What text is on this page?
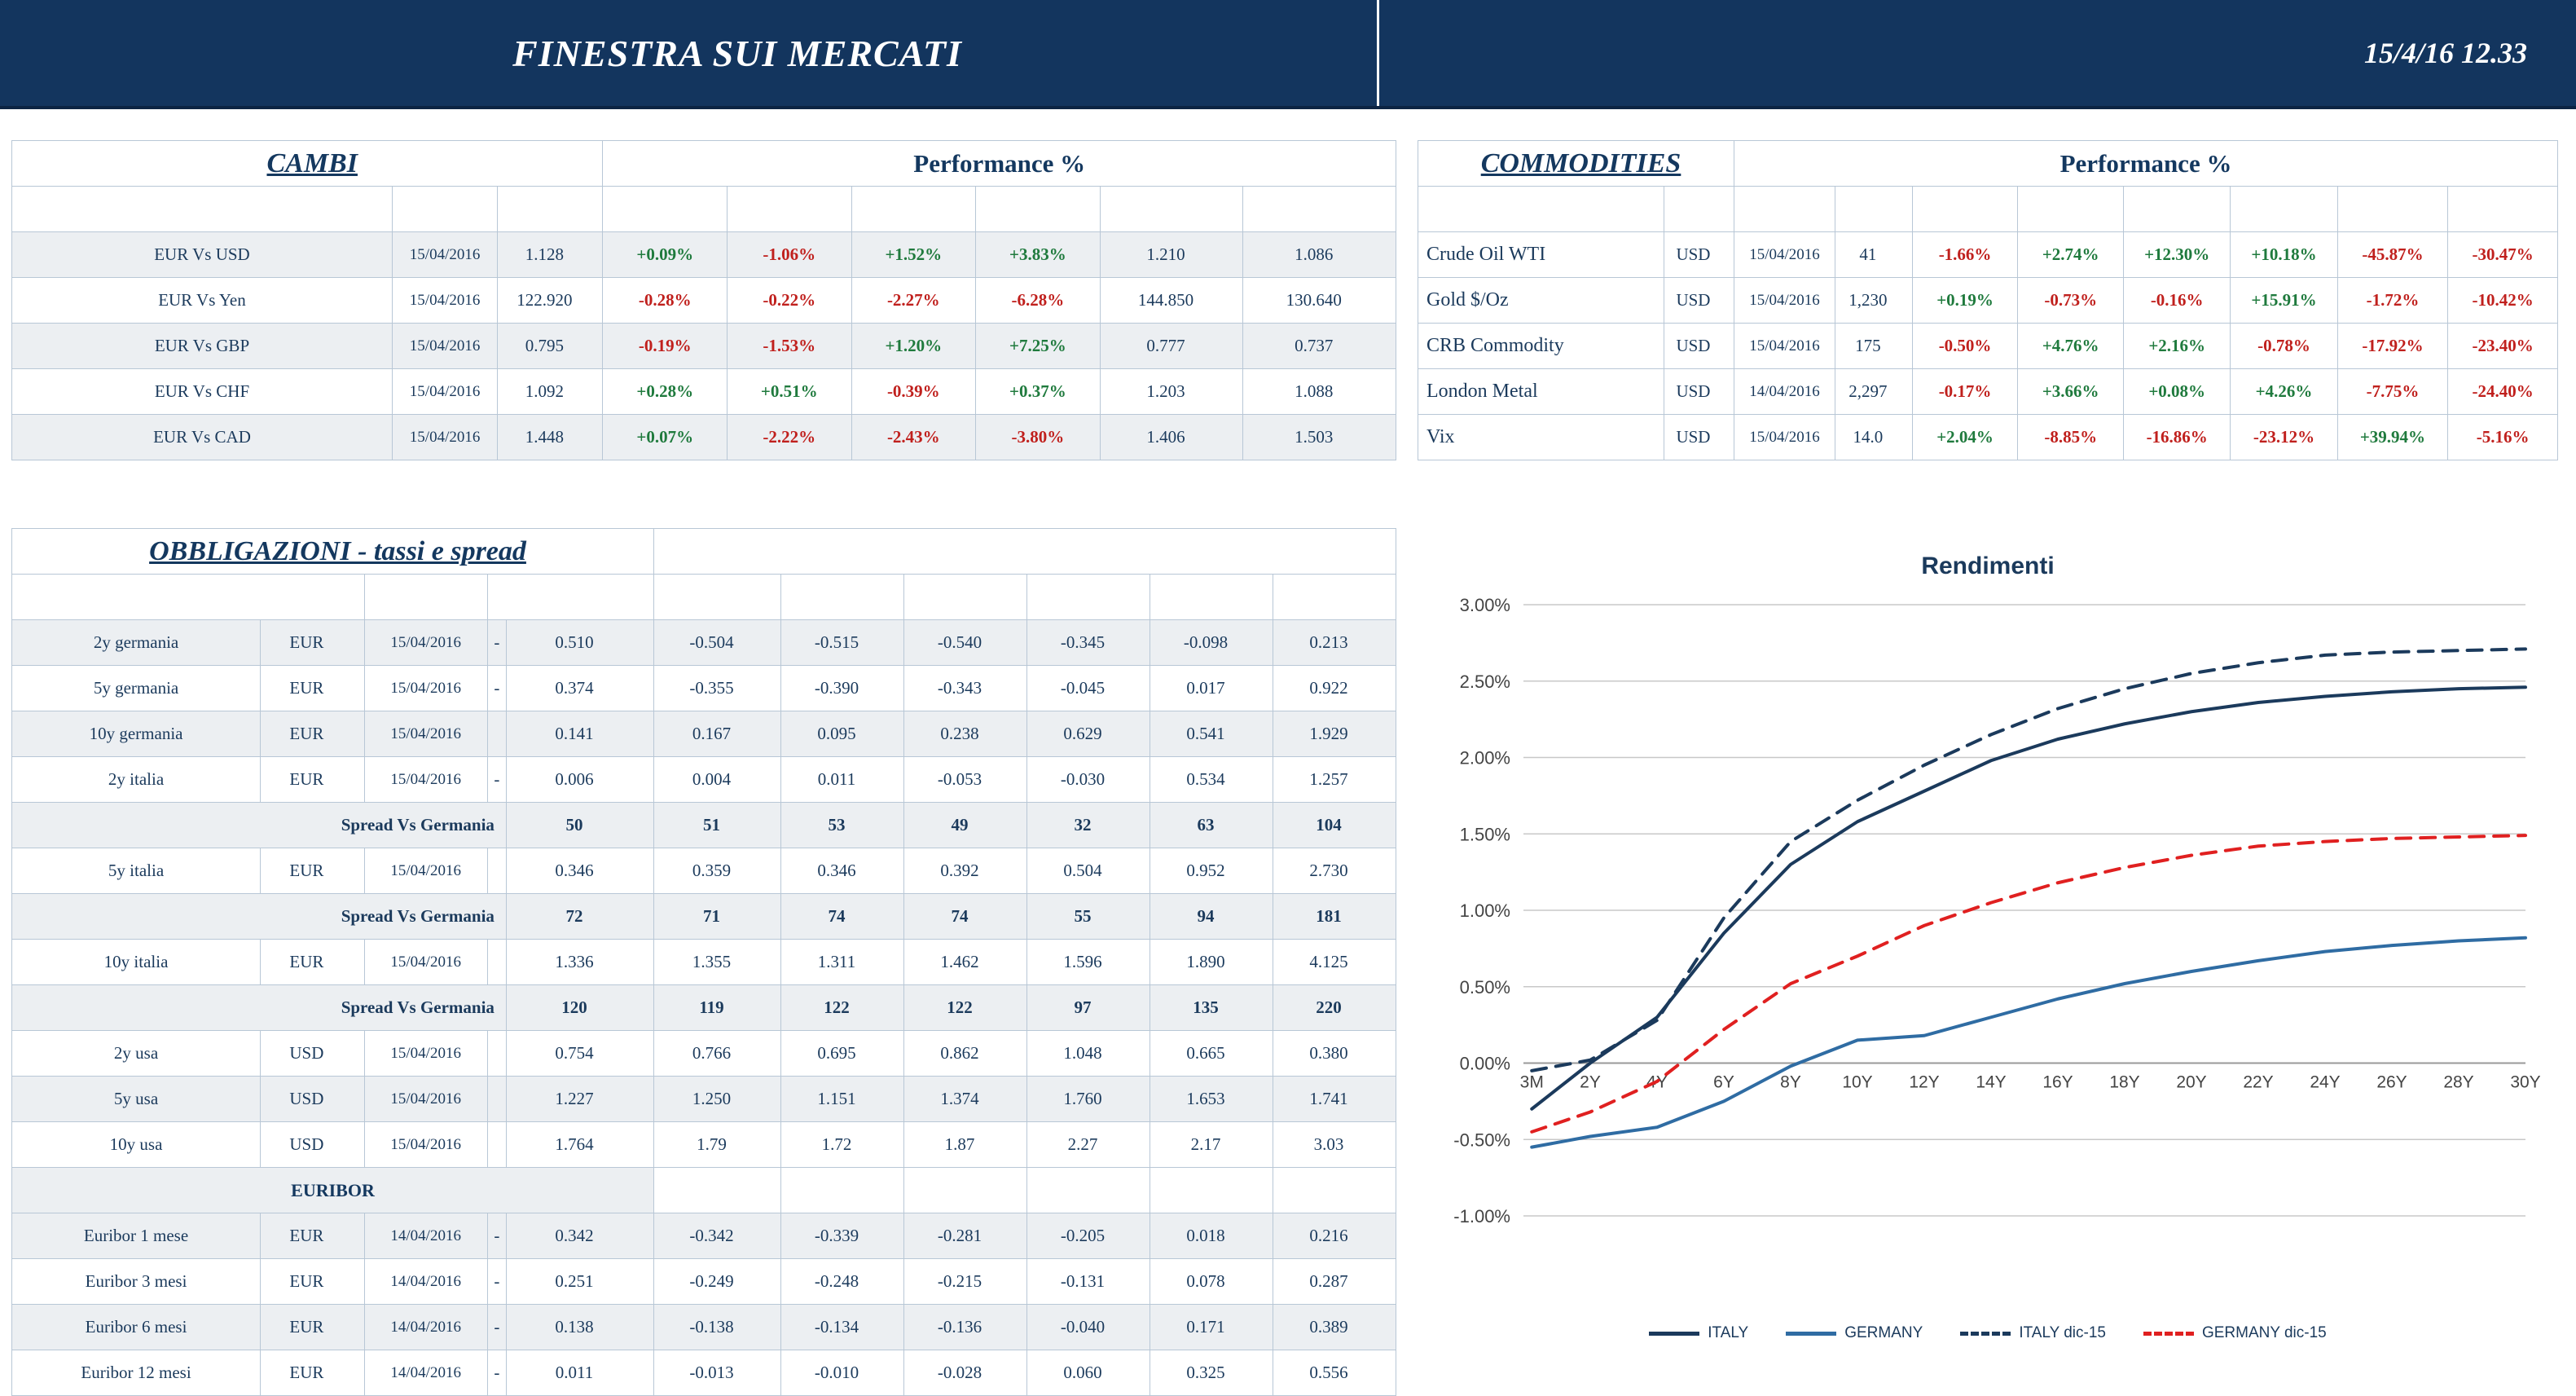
FINESTRA SUI MERCATI	15/4/16 12.33
CAMBI			Performance %					
Cambi	Date	Last	1day	5day	1 M	YTD	31/12/14 FX	31/12/15 FX
EUR Vs USD	15/04/2016	1.128	+0.09%	-1.06%	+1.52%	+3.83%	1.210	1.086
EUR Vs Yen	15/04/2016	122.920	-0.28%	-0.22%	-2.27%	-6.28%	144.850	130.640
EUR Vs GBP	15/04/2016	0.795	-0.19%	-1.53%	+1.20%	+7.25%	0.777	0.737
EUR Vs CHF	15/04/2016	1.092	+0.28%	+0.51%	-0.39%	+0.37%	1.203	1.088
EUR Vs CAD	15/04/2016	1.448	+0.07%	-2.22%	-2.43%	-3.80%	1.406	1.503
COMMODITIES		Performance %							
		Date	Last	1day	5day	1 M	YTD	2014	2015
Crude Oil WTI	USD	15/04/2016	41	-1.66%	+2.74%	+12.30%	+10.18%	-45.87%	-30.47%
Gold $/Oz	USD	15/04/2016	1,230	+0.19%	-0.73%	-0.16%	+15.91%	-1.72%	-10.42%
CRB Commodity	USD	15/04/2016	175	-0.50%	+4.76%	+2.16%	-0.78%	-17.92%	-23.40%
London Metal	USD	14/04/2016	2,297	-0.17%	+3.66%	+0.08%	+4.26%	-7.75%	-24.40%
Vix	USD	15/04/2016	14.0	+2.04%	-8.85%	-16.86%	-23.12%	+39.94%	-5.16%
OBBLIGAZIONI - tassi e spread										
Tassi		Date	Last		14-apr-16	8-apr-16	4-mar-16	31-dic-15	31-dic-14	31-dic-13
2y germania	EUR	15/04/2016	-	0.510	-0.504	-0.515	-0.540	-0.345	-0.098	0.213
5y germania	EUR	15/04/2016	-	0.374	-0.355	-0.390	-0.343	-0.045	0.017	0.922
10y germania	EUR	15/04/2016		0.141	0.167	0.095	0.238	0.629	0.541	1.929
2y italia	EUR	15/04/2016	-	0.006	0.004	0.011	-0.053	-0.030	0.534	1.257
Spread Vs Germania				50	51	53	49	32	63	104
5y italia	EUR	15/04/2016		0.346	0.359	0.346	0.392	0.504	0.952	2.730
Spread Vs Germania				72	71	74	74	55	94	181
10y italia	EUR	15/04/2016		1.336	1.355	1.311	1.462	1.596	1.890	4.125
Spread Vs Germania				120	119	122	122	97	135	220
2y usa	USD	15/04/2016		0.754	0.766	0.695	0.862	1.048	0.665	0.380
5y usa	USD	15/04/2016		1.227	1.250	1.151	1.374	1.760	1.653	1.741
10y usa	USD	15/04/2016		1.764	1.79	1.72	1.87	2.27	2.17	3.03
EURIBOR					13-apr-16	8-apr-16	4-mar-16	31-dic-15	31-dic-14	31-dic-13
Euribor 1 mese	EUR	14/04/2016	-	0.342	-0.342	-0.339	-0.281	-0.205	0.018	0.216
Euribor 3 mesi	EUR	14/04/2016	-	0.251	-0.249	-0.248	-0.215	-0.131	0.078	0.287
Euribor 6 mesi	EUR	14/04/2016	-	0.138	-0.138	-0.134	-0.136	-0.040	0.171	0.389
Euribor 12 mesi	EUR	14/04/2016	-	0.011	-0.013	-0.010	-0.028	0.060	0.325	0.556
Rendimenti
3.00%
2.50%
2.00%
1.50%
1.00%
0.50%
0.00%
-0.50%
-1.00%
3M 2Y	4Y	6Y	8Y 10Y 12Y 14Y 16Y 18Y 20Y 22Y 24Y 26Y 28Y 30Y
ITALY	GERMANY	ITALY dic-15	GERMANY dic-15
